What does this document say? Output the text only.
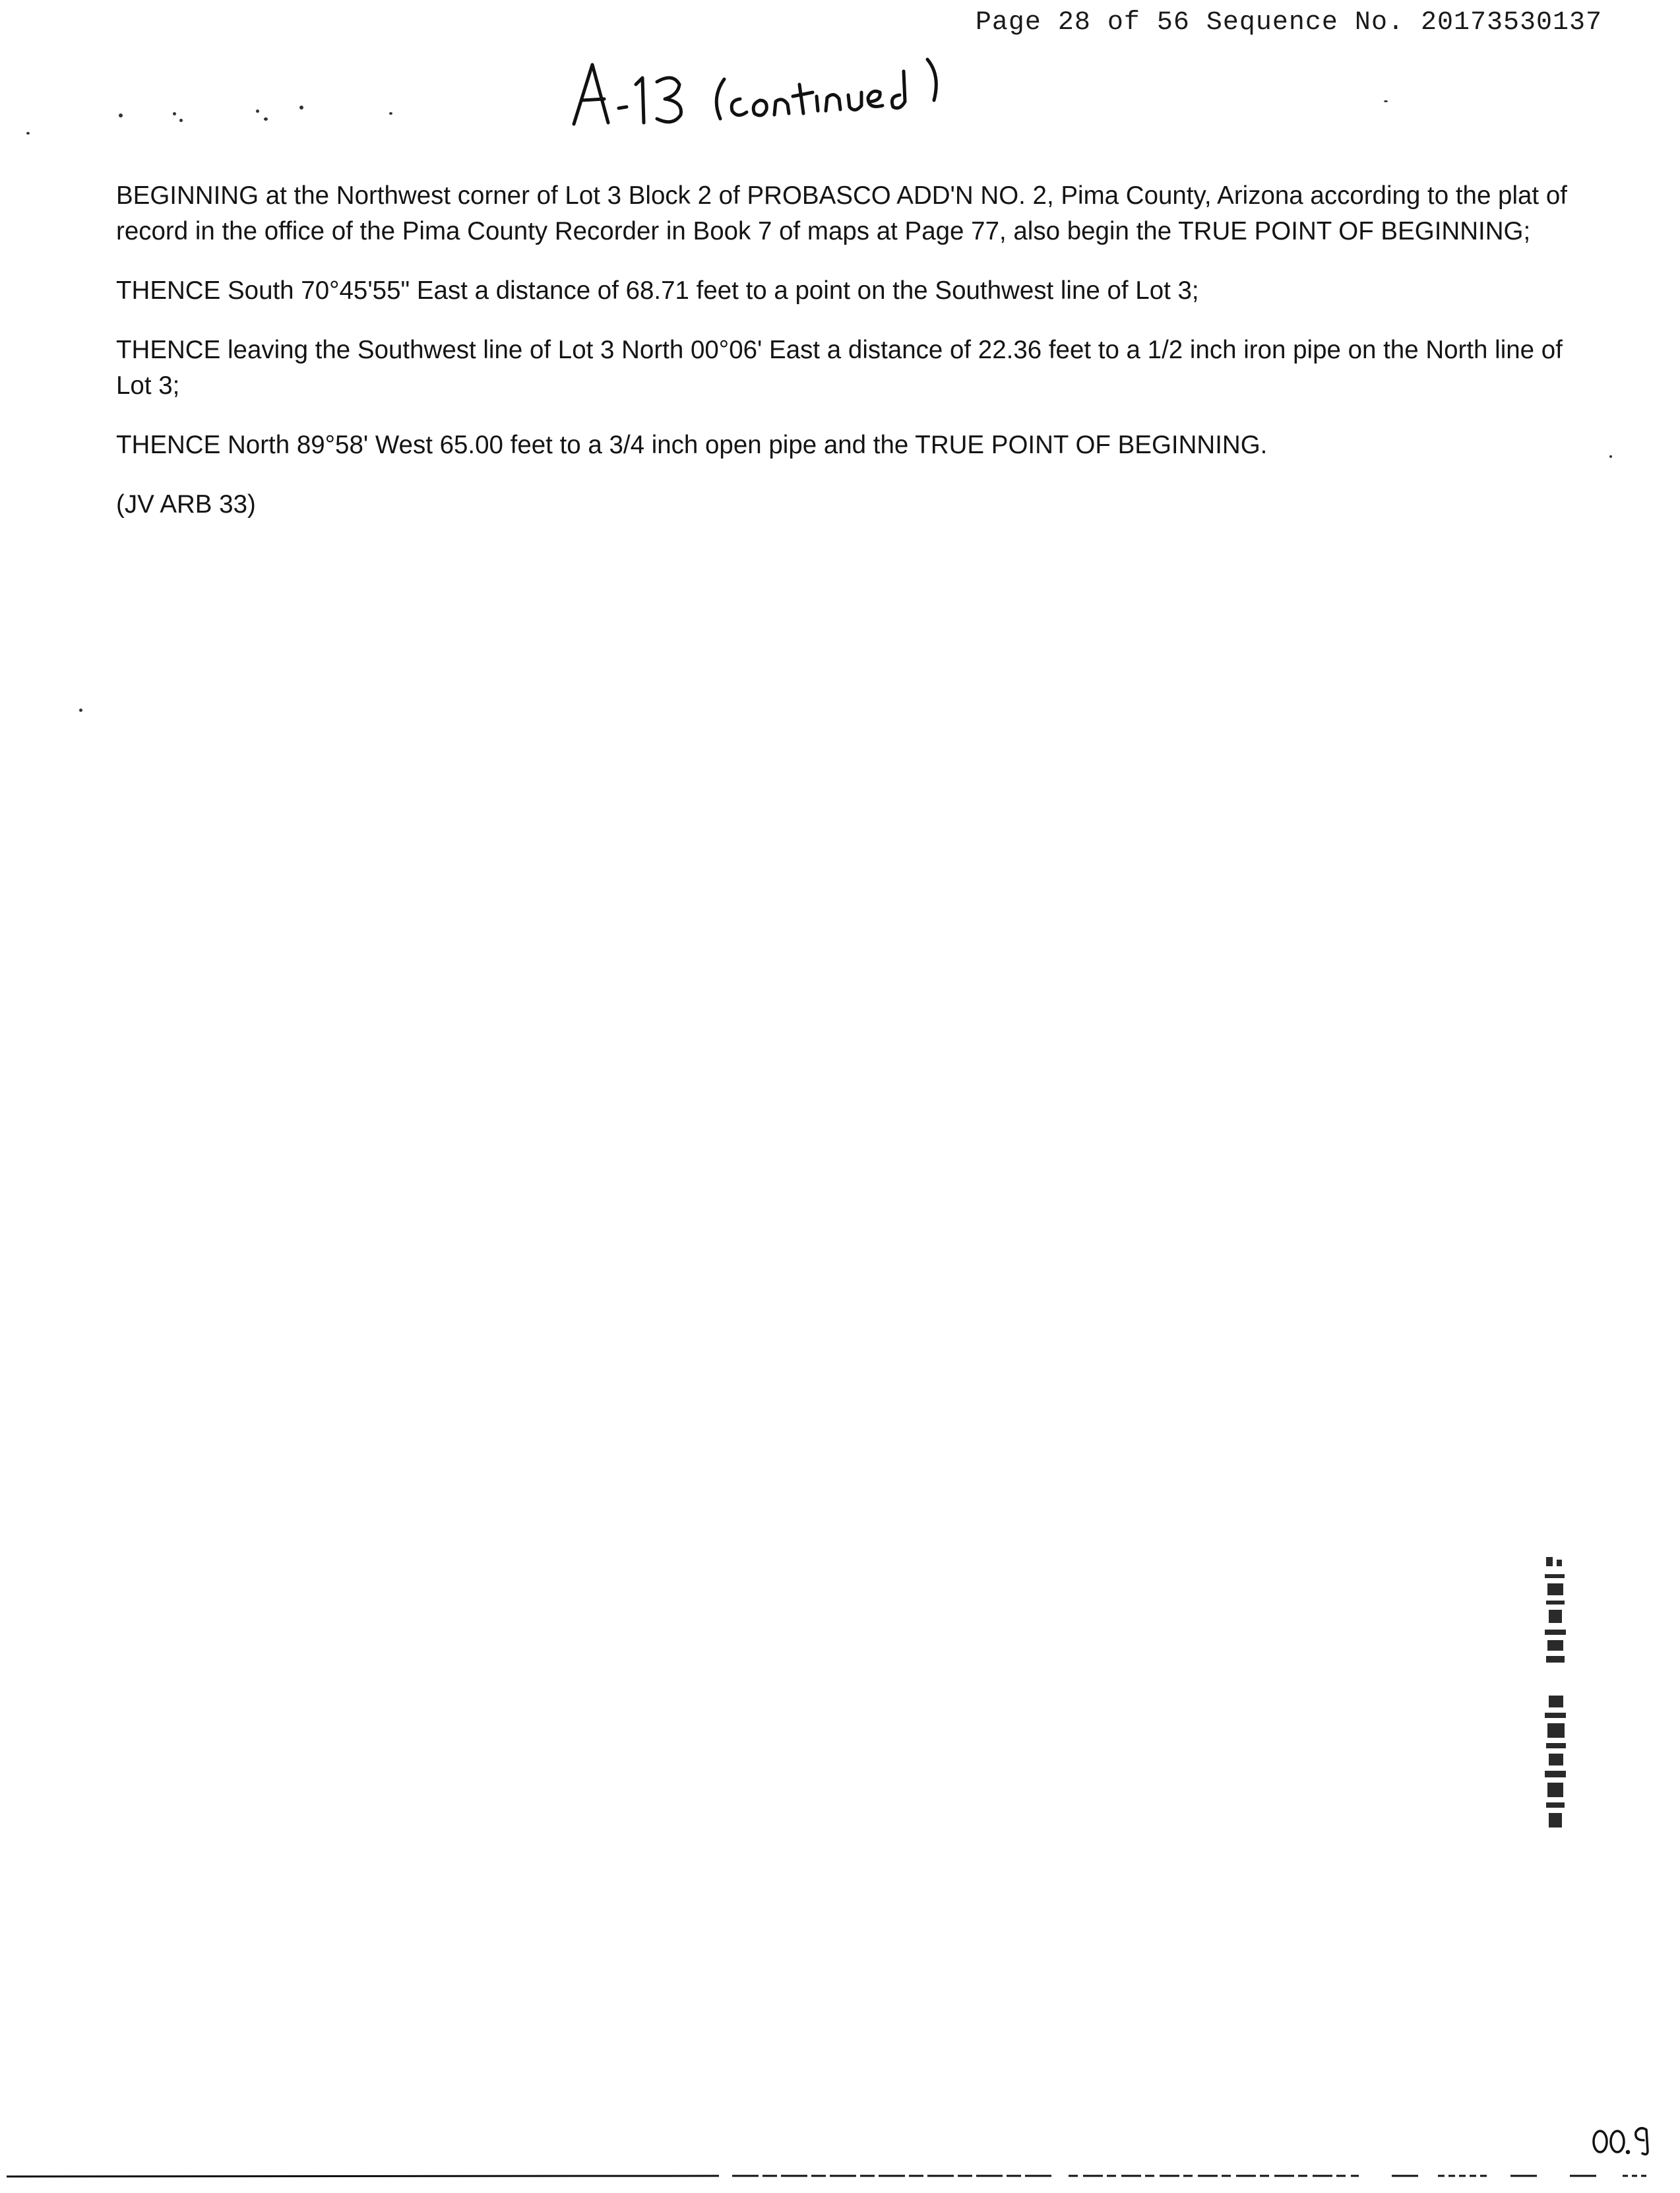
Page 28 of 56 Sequence No. 20173530137

BEGINNING at the Northwest corner of Lot 3 Block 2 of PROBASCO ADD'N NO. 2, Pima County, Arizona according to the plat of record in the office of the Pima County Recorder in Book 7 of maps at Page 77, also begin the TRUE POINT OF BEGINNING;

THENCE South 70°45'55" East a distance of 68.71 feet to a point on the Southwest line of Lot 3;

THENCE leaving the Southwest line of Lot 3 North 00°06' East a distance of 22.36 feet to a 1/2 inch iron pipe on the North line of Lot 3;

THENCE North 89°58' West 65.00 feet to a 3/4 inch open pipe and the TRUE POINT OF BEGINNING.

(JV ARB 33)
